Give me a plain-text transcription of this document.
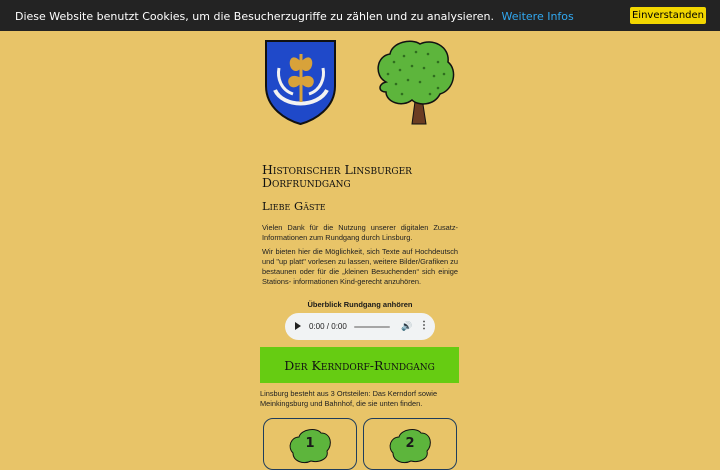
Diese Website benutzt Cookies, um die Besucherzugriffe zu zählen und zu analysieren. Weitere Infos	Einverstanden
Historischer Linsburger Dorfrundgang
Liebe Gäste
Vielen Dank für die Nutzung unserer digitalen Zusatz-Informationen zum Rundgang durch Linsburg.
Wir bieten hier die Möglichkeit, sich Texte auf Hochdeutsch und "up platt" vorlesen zu lassen, weitere Bilder/Grafiken zu bestaunen oder für die „kleinen Besuchenden“ sich einige Stations- informationen Kind-gerecht anzuhören.
Überblick Rundgang anhören
0:00 / 0:00	🔊 ⋮
Der Kerndorf-Rundgang
Linsburg besteht aus 3 Ortsteilen: Das Kerndorf sowie Meinkingsburg und Bahnhof, die sie unten finden.
1	2
